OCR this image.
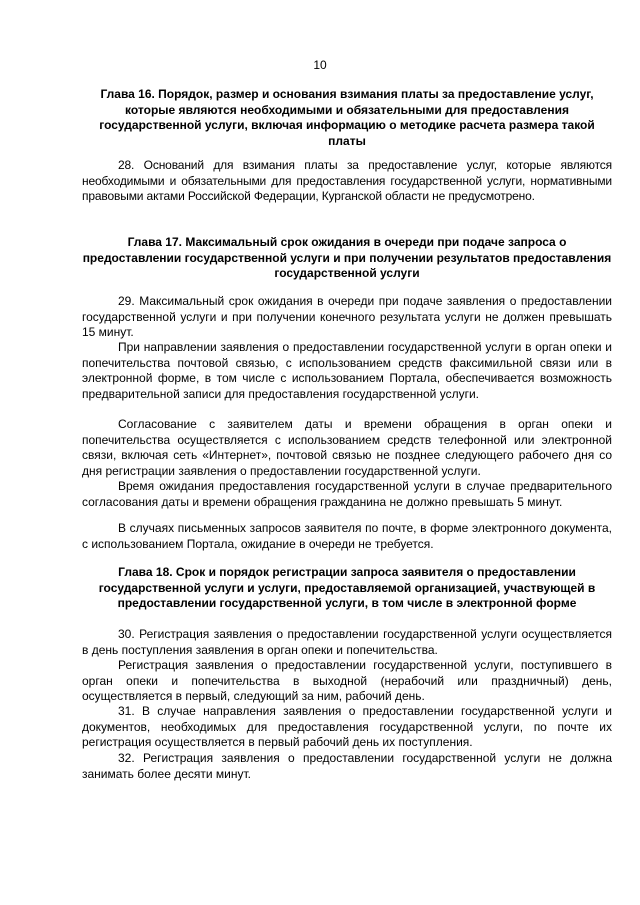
10
Глава 16. Порядок, размер и основания взимания платы за предоставление услуг, которые являются необходимыми и обязательными для предоставления государственной услуги, включая информацию о методике расчета размера такой платы
28. Оснований для взимания платы за предоставление услуг, которые являются необходимыми и обязательными для предоставления государственной услуги, нормативными правовыми актами Российской Федерации, Курганской области не предусмотрено.
Глава 17. Максимальный срок ожидания в очереди при подаче запроса о предоставлении государственной услуги и при получении результатов предоставления государственной услуги
29. Максимальный срок ожидания в очереди при подаче заявления о предоставлении государственной услуги и при получении конечного результата услуги не должен превышать 15 минут.
При направлении заявления о предоставлении государственной услуги в орган опеки и попечительства почтовой связью, с использованием средств факсимильной связи или в электронной форме, в том числе с использованием Портала, обеспечивается возможность предварительной записи для предоставления государственной услуги.
Согласование с заявителем даты и времени обращения в орган опеки и попечительства осуществляется с использованием средств телефонной или электронной связи, включая сеть «Интернет», почтовой связью не позднее следующего рабочего дня со дня регистрации заявления о предоставлении государственной услуги.
Время ожидания предоставления государственной услуги в случае предварительного согласования даты и времени обращения гражданина не должно превышать 5 минут.
В случаях письменных запросов заявителя по почте, в форме электронного документа, с использованием Портала, ожидание в очереди не требуется.
Глава 18. Срок и порядок регистрации запроса заявителя о предоставлении государственной услуги и услуги, предоставляемой организацией, участвующей в предоставлении государственной услуги, в том числе в электронной форме
30. Регистрация заявления о предоставлении государственной услуги осуществляется в день поступления заявления в орган опеки и попечительства.
Регистрация заявления о предоставлении государственной услуги, поступившего в орган опеки и попечительства в выходной (нерабочий или праздничный) день, осуществляется в первый, следующий за ним, рабочий день.
31. В случае направления заявления о предоставлении государственной услуги и документов, необходимых для предоставления государственной услуги, по почте их регистрация осуществляется в первый рабочий день их поступления.
32. Регистрация заявления о предоставлении государственной услуги не должна занимать более десяти минут.
